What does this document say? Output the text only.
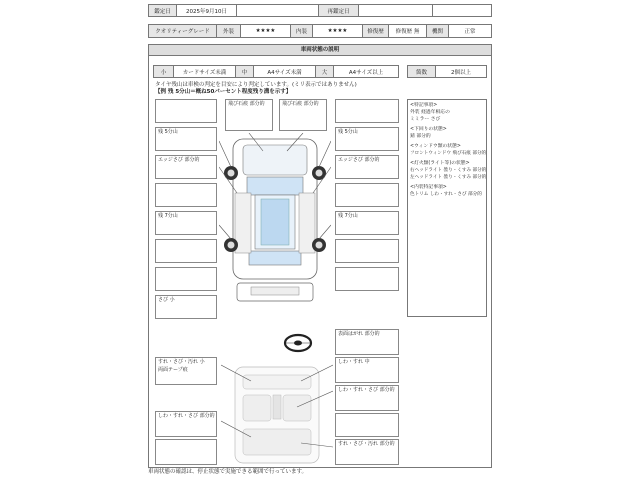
鑑定日	2025年9月10日	再鑑定日
クオリティーグレード	外装	★★★★	内装	★★★★	修復歴	修復歴 無	機関	正常
車両状態の説明
小	カードサイズ未満	中	A4サイズ未満	大	A4サイズ以上	箇数	2個以上
タイヤ残山は車検の判定を目安により判定しています。(ミリ表示ではありません)
【例 残 5分山＝概ね50パーセント程度残り溝を示す】
<特記事項>
外装 経過年相応の
ミミラー さび
<下回りの状態>
錆 部分的
<ウィンドウ類の状態>
フロントウィンドウ 飛び石痕 部分的
<灯火類(ライト等)の状態>
右ヘッドライト 曇り・くすみ 部分的
左ヘッドライト 曇り・くすみ 部分的
<内装特記事項>
色トリム しわ・すれ・さび 部分的
残 5分山
エッジさび 部分的
残 7分山
さび 小
飛び石痕 部分的	飛び石痕 部分的
残 5分山
エッジさび 部分的
残 7分山
表面はがれ 部分的
すれ・さび・汚れ 小
両面テープ痕
しわ・すれ 中
しわ・すれ・さび 部分的
しわ・すれ・さび 部分的
すれ・さび・汚れ 部分的
車両状態の確認は、停止状態で実施できる範囲で行っています。
